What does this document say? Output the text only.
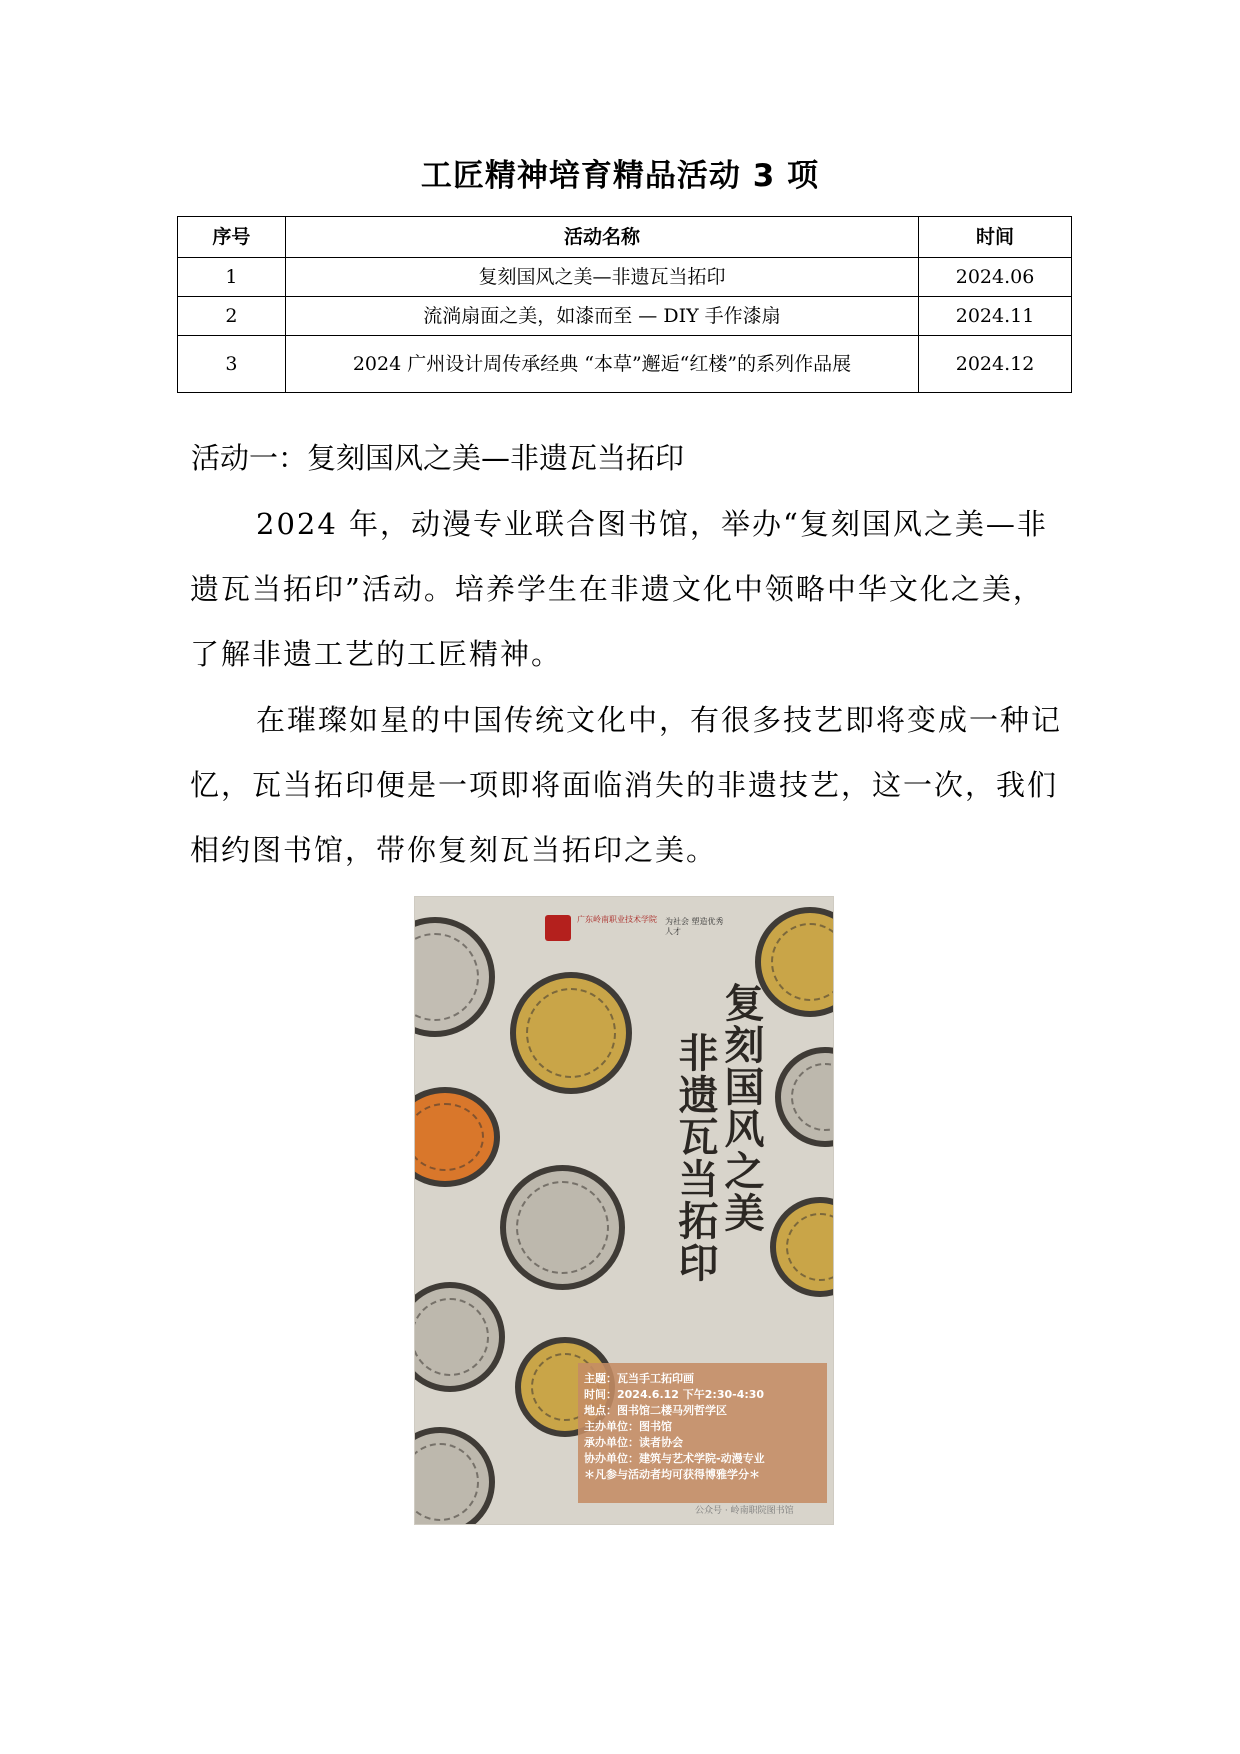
工匠精神培育精品活动 3 项
序号	活动名称	时间
1	复刻国风之美—非遗瓦当拓印	2024.06
2	流淌扇面之美，如漆而至 — DIY 手作漆扇	2024.11
3	2024 广州设计周传承经典 “本草”邂逅“红楼”的系列作品展	2024.12
活动一：复刻国风之美—非遗瓦当拓印
2024 年，动漫专业联合图书馆，举办“复刻国风之美—非遗瓦当拓印”活动。培养学生在非遗文化中领略中华文化之美，了解非遗工艺的工匠精神。
在璀璨如星的中国传统文化中，有很多技艺即将变成一种记忆，瓦当拓印便是一项即将面临消失的非遗技艺，这一次，我们相约图书馆，带你复刻瓦当拓印之美。
广东岭南职业技术学院 为社会 塑造优秀人才
复刻国风之美
非遗瓦当拓印
主题：瓦当手工拓印画
时间：2024.6.12 下午2:30-4:30
地点：图书馆二楼马列哲学区
主办单位：图书馆
承办单位：读者协会
协办单位：建筑与艺术学院-动漫专业
＊凡参与活动者均可获得博雅学分＊
公众号 · 岭南职院图书馆
